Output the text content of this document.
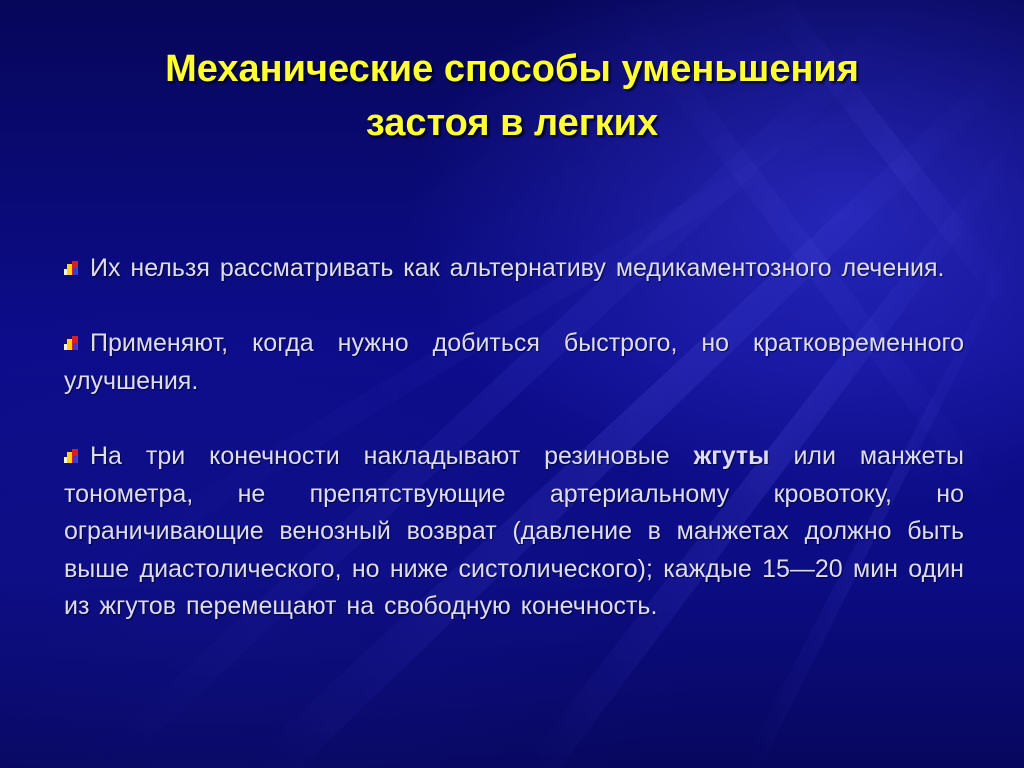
Механические способы уменьшения
застоя в легких

Их нельзя рассматривать как альтернативу медикаментозного лечения.

Применяют, когда нужно добиться быстрого, но кратковременного улучшения.

На три конечности накладывают резиновые жгуты или манжеты тонометра, не препятствующие артериальному кровотоку, но ограничивающие венозный возврат (давление в манжетах должно быть выше диастолического, но ниже систолического); каждые 15—20 мин один из жгутов перемещают на свободную конечность.
